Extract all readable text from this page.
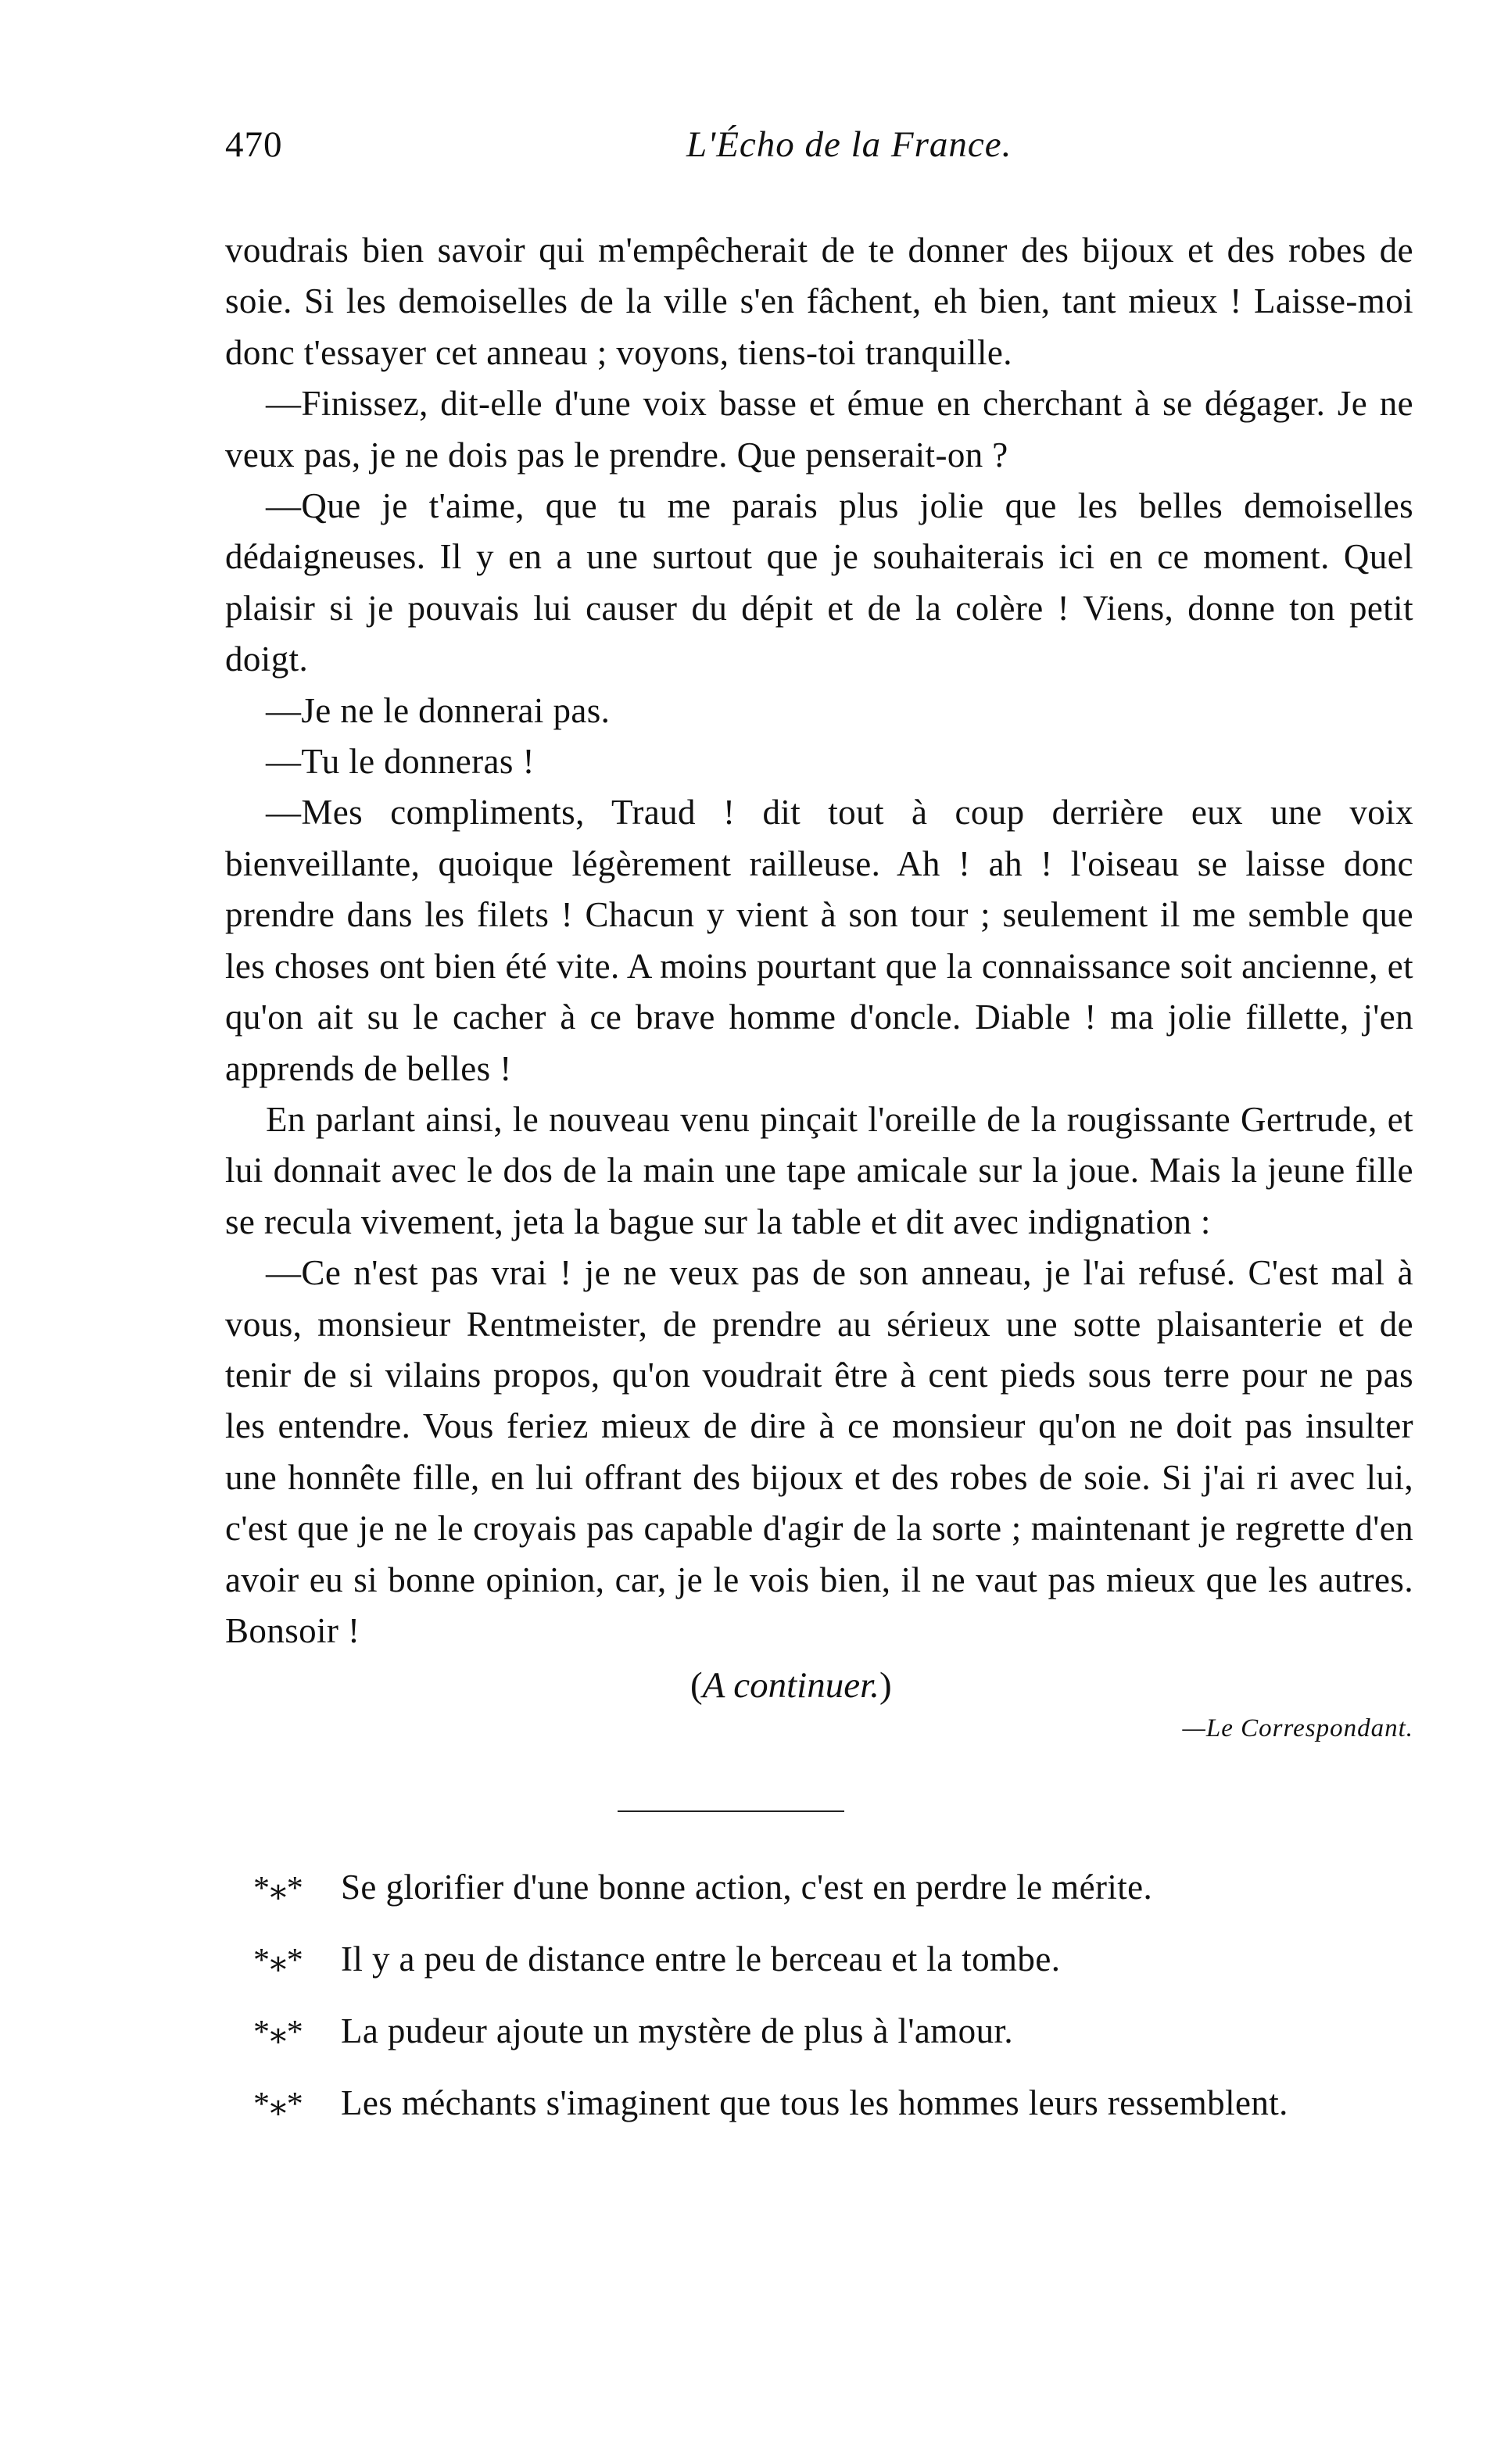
470	L'Écho de la France.

voudrais bien savoir qui m'empêcherait de te donner des bijoux et des robes de soie. Si les demoiselles de la ville s'en fâchent, eh bien, tant mieux ! Laisse-moi donc t'essayer cet anneau ; voyons, tiens-toi tranquille.

—Finissez, dit-elle d'une voix basse et émue en cherchant à se dégager. Je ne veux pas, je ne dois pas le prendre. Que penserait-on ?

—Que je t'aime, que tu me parais plus jolie que les belles demoiselles dédaigneuses. Il y en a une surtout que je souhaiterais ici en ce moment. Quel plaisir si je pouvais lui causer du dépit et de la colère ! Viens, donne ton petit doigt.

—Je ne le donnerai pas.

—Tu le donneras !

—Mes compliments, Traud ! dit tout à coup derrière eux une voix bienveillante, quoique légèrement railleuse. Ah ! ah ! l'oiseau se laisse donc prendre dans les filets ! Chacun y vient à son tour ; seulement il me semble que les choses ont bien été vite. A moins pourtant que la connaissance soit ancienne, et qu'on ait su le cacher à ce brave homme d'oncle. Diable ! ma jolie fillette, j'en apprends de belles !

En parlant ainsi, le nouveau venu pinçait l'oreille de la rougissante Gertrude, et lui donnait avec le dos de la main une tape amicale sur la joue. Mais la jeune fille se recula vivement, jeta la bague sur la table et dit avec indignation :

—Ce n'est pas vrai ! je ne veux pas de son anneau, je l'ai refusé. C'est mal à vous, monsieur Rentmeister, de prendre au sérieux une sotte plaisanterie et de tenir de si vilains propos, qu'on voudrait être à cent pieds sous terre pour ne pas les entendre. Vous feriez mieux de dire à ce monsieur qu'on ne doit pas insulter une honnête fille, en lui offrant des bijoux et des robes de soie. Si j'ai ri avec lui, c'est que je ne le croyais pas capable d'agir de la sorte ; maintenant je regrette d'en avoir eu si bonne opinion, car, je le vois bien, il ne vaut pas mieux que les autres. Bonsoir !

(A continuer.)
—Le Correspondant.
*⁎* Se glorifier d'une bonne action, c'est en perdre le mérite.
*⁎* Il y a peu de distance entre le berceau et la tombe.
*⁎* La pudeur ajoute un mystère de plus à l'amour.
*⁎* Les méchants s'imaginent que tous les hommes leurs ressemblent.
